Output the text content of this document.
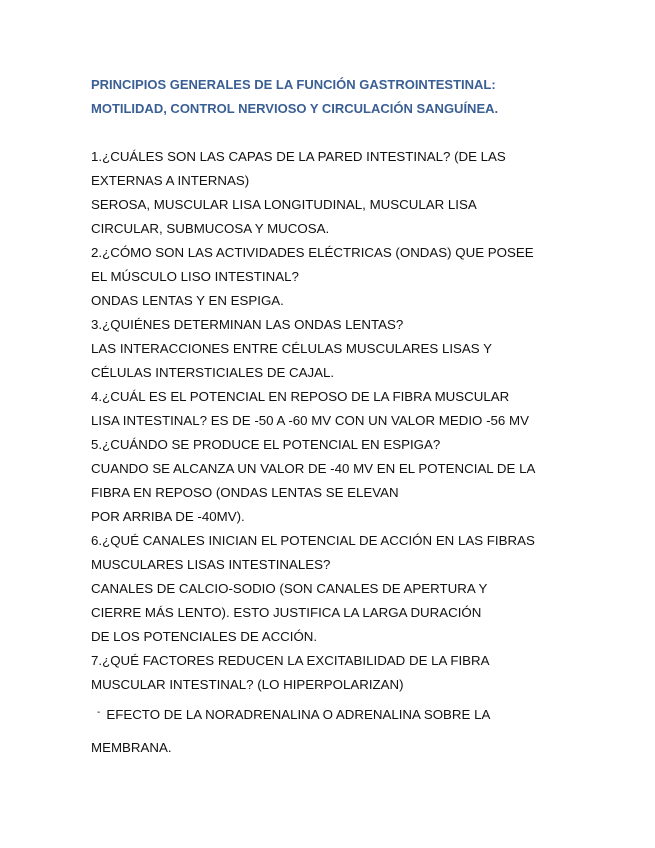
PRINCIPIOS GENERALES DE LA FUNCIÓN GASTROINTESTINAL:
MOTILIDAD, CONTROL NERVIOSO Y CIRCULACIÓN SANGUÍNEA.
1.¿CUÁLES SON LAS CAPAS DE LA PARED INTESTINAL? (DE LAS
EXTERNAS A INTERNAS)
SEROSA, MUSCULAR LISA LONGITUDINAL, MUSCULAR LISA
CIRCULAR, SUBMUCOSA Y MUCOSA.
2.¿CÓMO SON LAS ACTIVIDADES ELÉCTRICAS (ONDAS) QUE POSEE
EL MÚSCULO LISO INTESTINAL?
ONDAS LENTAS Y EN ESPIGA.
3.¿QUIÉNES DETERMINAN LAS ONDAS LENTAS?
LAS INTERACCIONES ENTRE CÉLULAS MUSCULARES LISAS Y
CÉLULAS INTERSTICIALES DE CAJAL.
4.¿CUÁL ES EL POTENCIAL EN REPOSO DE LA FIBRA MUSCULAR
LISA INTESTINAL? ES DE -50 A -60 MV CON UN VALOR MEDIO -56 MV
5.¿CUÁNDO SE PRODUCE EL POTENCIAL EN ESPIGA?
CUANDO SE ALCANZA UN VALOR DE -40 MV EN EL POTENCIAL DE LA
FIBRA EN REPOSO (ONDAS LENTAS SE ELEVAN
POR ARRIBA DE -40MV).
6.¿QUÉ CANALES INICIAN EL POTENCIAL DE ACCIÓN EN LAS FIBRAS
MUSCULARES LISAS INTESTINALES?
CANALES DE CALCIO-SODIO (SON CANALES DE APERTURA Y
CIERRE MÁS LENTO). ESTO JUSTIFICA LA LARGA DURACIÓN
DE LOS POTENCIALES DE ACCIÓN.
7.¿QUÉ FACTORES REDUCEN LA EXCITABILIDAD DE LA FIBRA
MUSCULAR INTESTINAL? (LO HIPERPOLARIZAN)
- EFECTO DE LA NORADRENALINA O ADRENALINA SOBRE LA
MEMBRANA.
